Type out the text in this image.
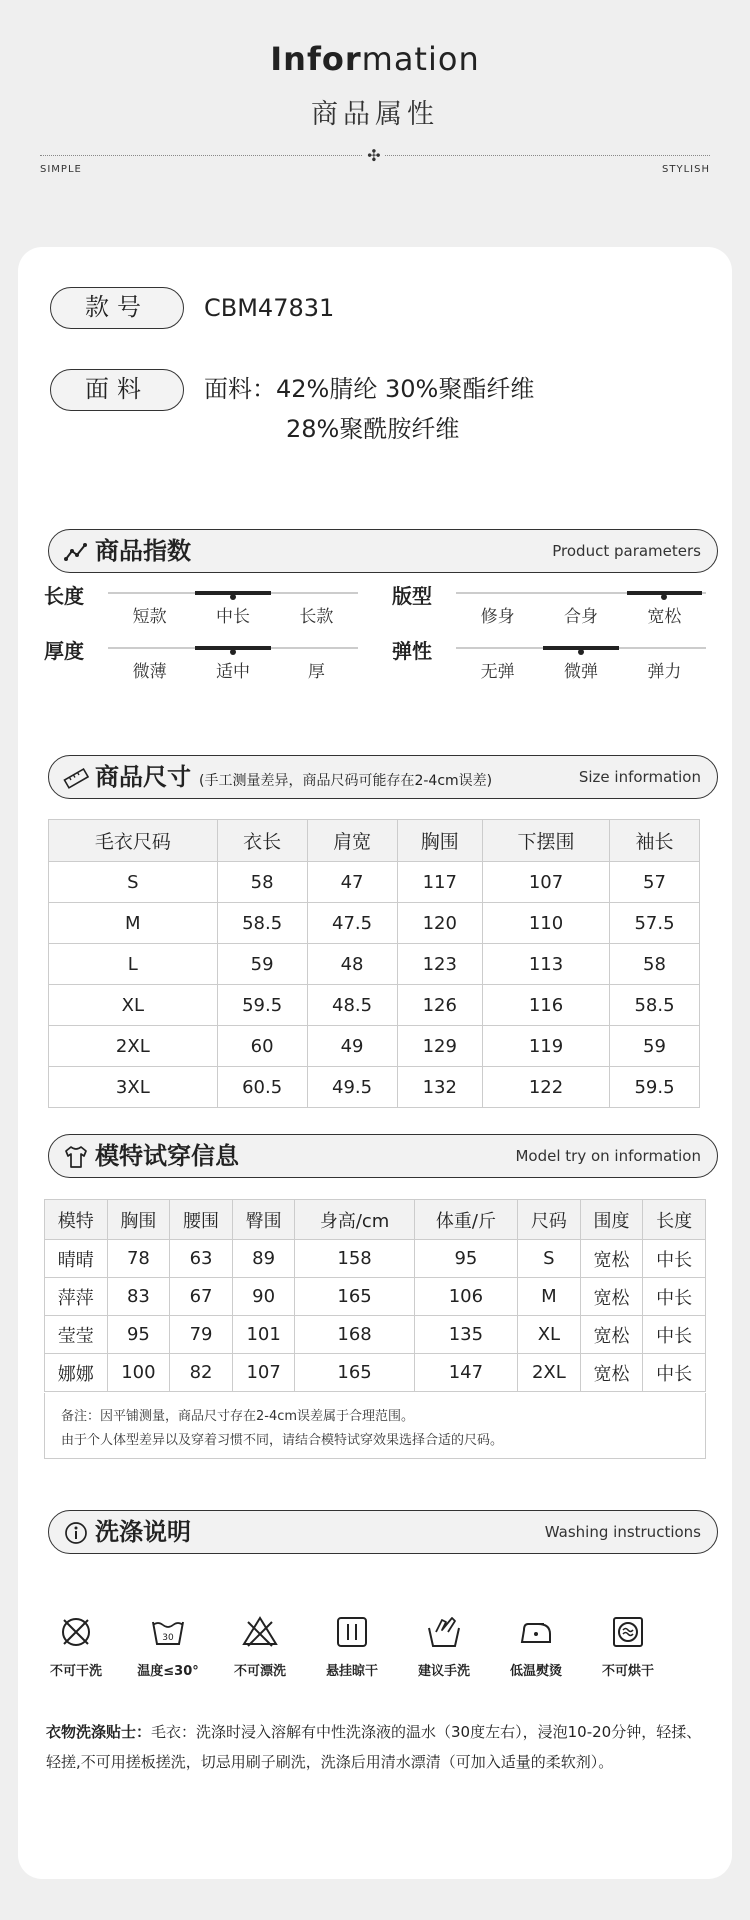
Information
商品属性
✣
SIMPLE	STYLISH
款号	CBM47831
面料	面料：42%腈纶 30%聚酯纤维
28%聚酰胺纤维
商品指数	Product parameters
长度
短款	中长	长款
版型
修身	合身	宽松
厚度
微薄	适中	厚
弹性
无弹	微弹	弹力
商品尺寸 (手工测量差异，商品尺码可能存在2-4cm误差)	Size information
毛衣尺码	衣长	肩宽	胸围	下摆围	袖长
S	58	47	117	107	57
M	58.5	47.5	120	110	57.5
L	59	48	123	113	58
XL	59.5	48.5	126	116	58.5
2XL	60	49	129	119	59
3XL	60.5	49.5	132	122	59.5
模特试穿信息	Model try on information
模特	胸围	腰围	臀围	身高/cm	体重/斤	尺码	围度	长度
晴晴	78	63	89	158	95	S	宽松	中长
萍萍	83	67	90	165	106	M	宽松	中长
莹莹	95	79	101	168	135	XL	宽松	中长
娜娜	100	82	107	165	147	2XL	宽松	中长
备注：因平铺测量，商品尺寸存在2-4cm误差属于合理范围。
由于个人体型差异以及穿着习惯不同，请结合模特试穿效果选择合适的尺码。
洗涤说明	Washing instructions
不可干洗
30
温度≤30°	不可漂洗	悬挂晾干	建议手洗	低温熨烫	不可烘干
衣物洗涤贴士：毛衣：洗涤时浸入溶解有中性洗涤液的温水（30度左右），浸泡10-20分钟，轻揉、轻搓,不可用搓板搓洗，切忌用刷子刷洗，洗涤后用清水漂清（可加入适量的柔软剂）。
